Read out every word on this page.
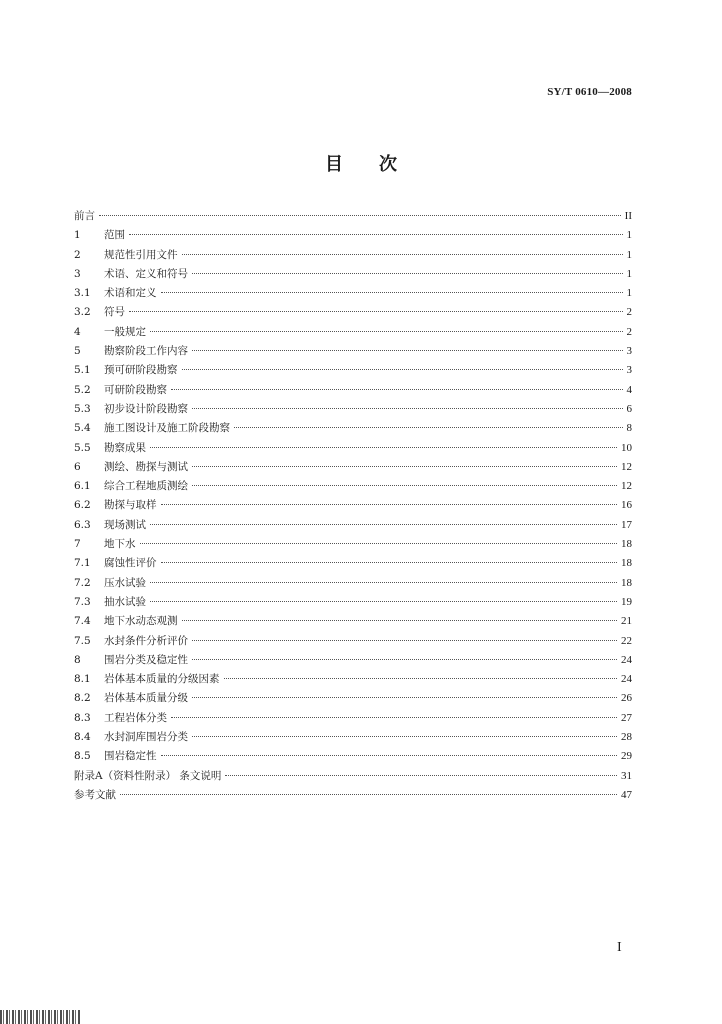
SY/T 0610—2008
目 次
前言	II
1	范围	1
2	规范性引用文件	1
3	术语、定义和符号	1
3.1	术语和定义	1
3.2	符号	2
4	一般规定	2
5	勘察阶段工作内容	3
5.1	预可研阶段勘察	3
5.2	可研阶段勘察	4
5.3	初步设计阶段勘察	6
5.4	施工图设计及施工阶段勘察	8
5.5	勘察成果	10
6	测绘、勘探与测试	12
6.1	综合工程地质测绘	12
6.2	勘探与取样	16
6.3	现场测试	17
7	地下水	18
7.1	腐蚀性评价	18
7.2	压水试验	18
7.3	抽水试验	19
7.4	地下水动态观测	21
7.5	水封条件分析评价	22
8	围岩分类及稳定性	24
8.1	岩体基本质量的分级因素	24
8.2	岩体基本质量分级	26
8.3	工程岩体分类	27
8.4	水封洞库围岩分类	28
8.5	围岩稳定性	29
附录A（资料性附录） 条文说明	31
参考文献	47
I
